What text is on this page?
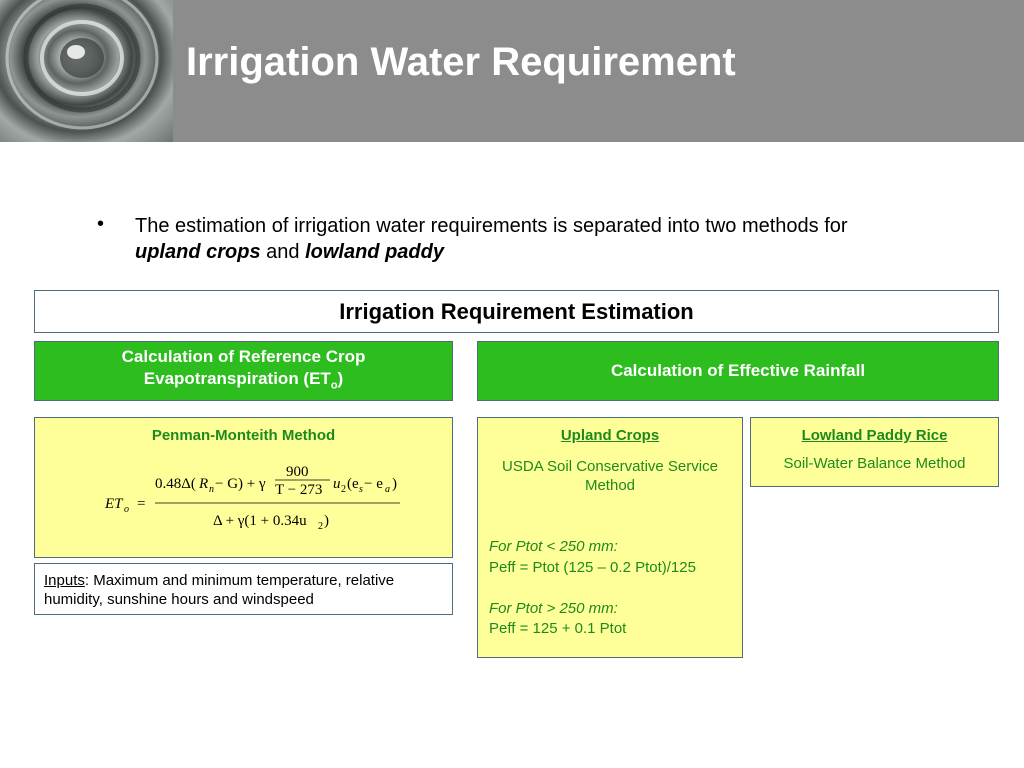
Irrigation Water Requirement
• The estimation of irrigation water requirements is separated into two methods for upland crops and lowland paddy
Irrigation Requirement Estimation
Calculation of Reference Crop
Evapotranspiration $(ET_o)$	Calculation of Effective Rainfall
Penman-Monteith Method
ET o =
0.48Δ( R n − G) + γ
900
T − 273 u 2 (e s − e a )
Δ + γ(1 + 0.34u 2 )
Inputs: Maximum and minimum temperature, relative humidity, sunshine hours and windspeed
Upland Crops
USDA Soil Conservative Service Method
For Ptot < 250 mm:
Peff = Ptot (125 – 0.2 Ptot)/125
For Ptot > 250 mm:
Peff = 125 + 0.1 Ptot
Lowland Paddy Rice
Soil-Water Balance Method
